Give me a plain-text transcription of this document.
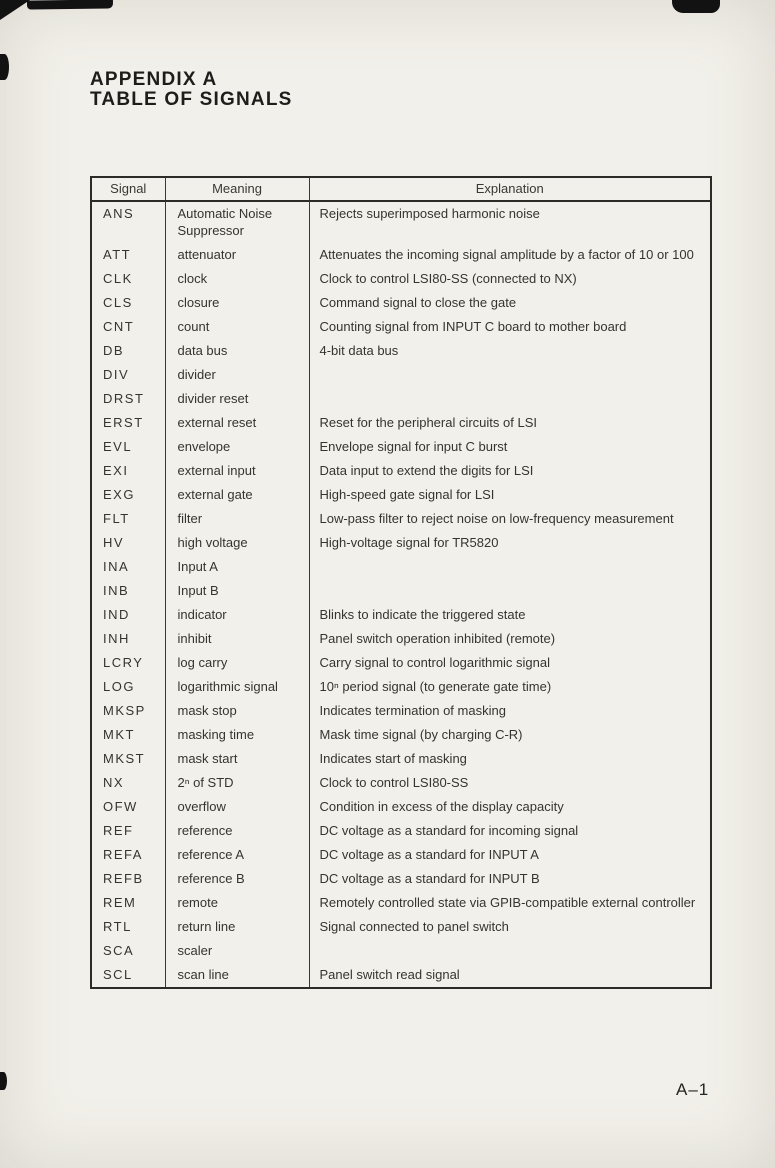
APPENDIX A
TABLE OF SIGNALS
Signal	Meaning	Explanation
ANS	Automatic Noise Suppressor	Rejects superimposed harmonic noise
ATT	attenuator	Attenuates the incoming signal amplitude by a factor of 10 or 100
CLK	clock	Clock to control LSI80-SS (connected to NX)
CLS	closure	Command signal to close the gate
CNT	count	Counting signal from INPUT C board to mother board
DB	data bus	4-bit data bus
DIV	divider	
DRST	divider reset	
ERST	external reset	Reset for the peripheral circuits of LSI
EVL	envelope	Envelope signal for input C burst
EXI	external input	Data input to extend the digits for LSI
EXG	external gate	High-speed gate signal for LSI
FLT	filter	Low-pass filter to reject noise on low-frequency measurement
HV	high voltage	High-voltage signal for TR5820
INA	Input A	
INB	Input B	
IND	indicator	Blinks to indicate the triggered state
INH	inhibit	Panel switch operation inhibited (remote)
LCRY	log carry	Carry signal to control logarithmic signal
LOG	logarithmic signal	10ⁿ period signal (to generate gate time)
MKSP	mask stop	Indicates termination of masking
MKT	masking time	Mask time signal (by charging C-R)
MKST	mask start	Indicates start of masking
NX	2ⁿ of STD	Clock to control LSI80-SS
OFW	overflow	Condition in excess of the display capacity
REF	reference	DC voltage as a standard for incoming signal
REFA	reference A	DC voltage as a standard for INPUT A
REFB	reference B	DC voltage as a standard for INPUT B
REM	remote	Remotely controlled state via GPIB-compatible external controller
RTL	return line	Signal connected to panel switch
SCA	scaler	
SCL	scan line	Panel switch read signal
A–1
